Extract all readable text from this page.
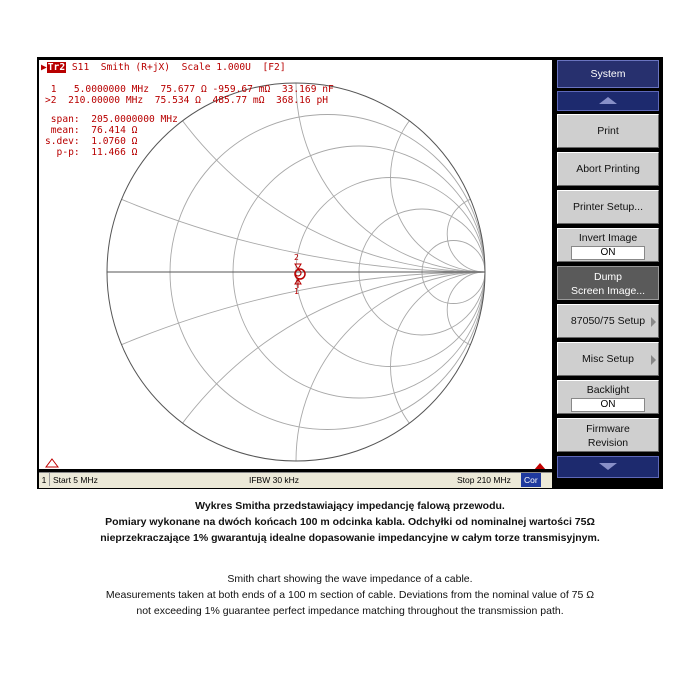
2
1
▶Tr2 S11  Smith (R+jX)  Scale 1.000U  [F2]
1   5.0000000 MHz  75.677 Ω -959.67 mΩ  33.169 nF
>2  210.00000 MHz  75.534 Ω  485.77 mΩ  368.16 pH
span:  205.0000000 MHz
mean:  76.414 Ω
s.dev:  1.0760 Ω
p-p:  11.466 Ω
1 Start 5 MHz	IFBW 30 kHz	Stop 210 MHz	Cor
System
Print
Abort Printing
Printer Setup...
Invert Image
ON
Dump
Screen Image...
87050/75 Setup
Misc Setup
Backlight
ON
Firmware
Revision
Wykres Smitha przedstawiający impedancję falową przewodu.
Pomiary wykonane na dwóch końcach 100 m odcinka kabla. Odchyłki od nominalnej wartości 75Ω
nieprzekraczające 1% gwarantują idealne dopasowanie impedancyjne w całym torze transmisyjnym.
Smith chart showing the wave impedance of a cable.
Measurements taken at both ends of a 100 m section of cable. Deviations from the nominal value of 75 Ω
not exceeding 1% guarantee perfect impedance matching throughout the transmission path.
